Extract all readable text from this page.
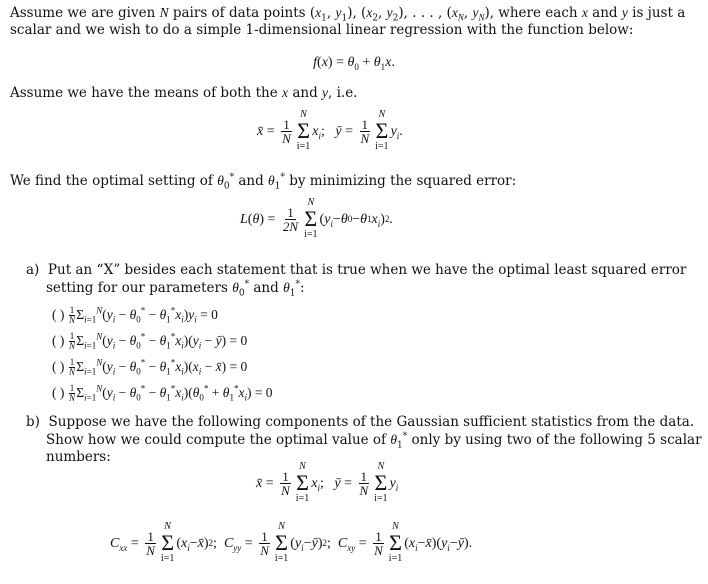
Assume we are given N pairs of data points ($x_1$, $y_1$), ($x_2$, $y_2$), . . . , ($x_N$, $y_N$), where each x and y is just a scalar and we wish to do a simple 1-dimensional linear regression with the function below:
$f(x) = \theta_0 + \theta_1x$.
Assume we have the means of both the x and y, i.e.
x̄ = $\frac{1}{N}$
N
Σ
i=1
$x_i$ ; ȳ = $\frac{1}{N}$
N
Σ
i=1
$y_i$ .
We find the optimal setting of $\theta_0^*$ and $\theta_1^*$ by minimizing the squared error:
L ( θ ) = $\frac{1}{2N}$
N
Σ
i=1
( $y_i - \theta$ 0 − θ 1 $x_i$ ) 2 .
a)  Put an “X” besides each statement that is true when we have the optimal least squared error setting for our parameters $\theta_0^*$ and $\theta_1^*$:
( ) $\frac{1}{N} \Sigma_{i=1}^N(y_i - \theta_0^* - \theta_1^*x_i)y_i = 0$
( ) $\frac{1}{N} \Sigma_{i=1}^N(y_i - \theta_0^* - \theta_1^*x_i)(y_i$ − ȳ) = 0
( ) $\frac{1}{N} \Sigma_{i=1}^N(y_i - \theta_0^* - \theta_1^*x_i)(x_i$ − x̄) = 0
( ) $\frac{1}{N} \Sigma_{i=1}^N(y_i - \theta_0^* - \theta_1^*x_i)(\theta_0^* + \theta_1^*x_i) = 0$
b)  Suppose we have the following components of the Gaussian sufficient statistics from the data. Show how we could compute the optimal value of $\theta_1^*$ only by using two of the following 5 scalar numbers:
x̄ = $\frac{1}{N}$
N
Σ
i=1
$x_i$ ; ȳ = $\frac{1}{N}$
N
Σ
i=1
$y_i$
$C_{xx} = \frac{1}{N}$
N
Σ
i=1
( $x_i$ − x̄ ) 2 ; $C_{yy} = \frac{1}{N}$
N
Σ
i=1
( $y_i$ − ȳ ) 2 ; $C_{xy} = \frac{1}{N}$
N
Σ
i=1
( $x_i$ − x̄ )( $y_i$ − ȳ ).
